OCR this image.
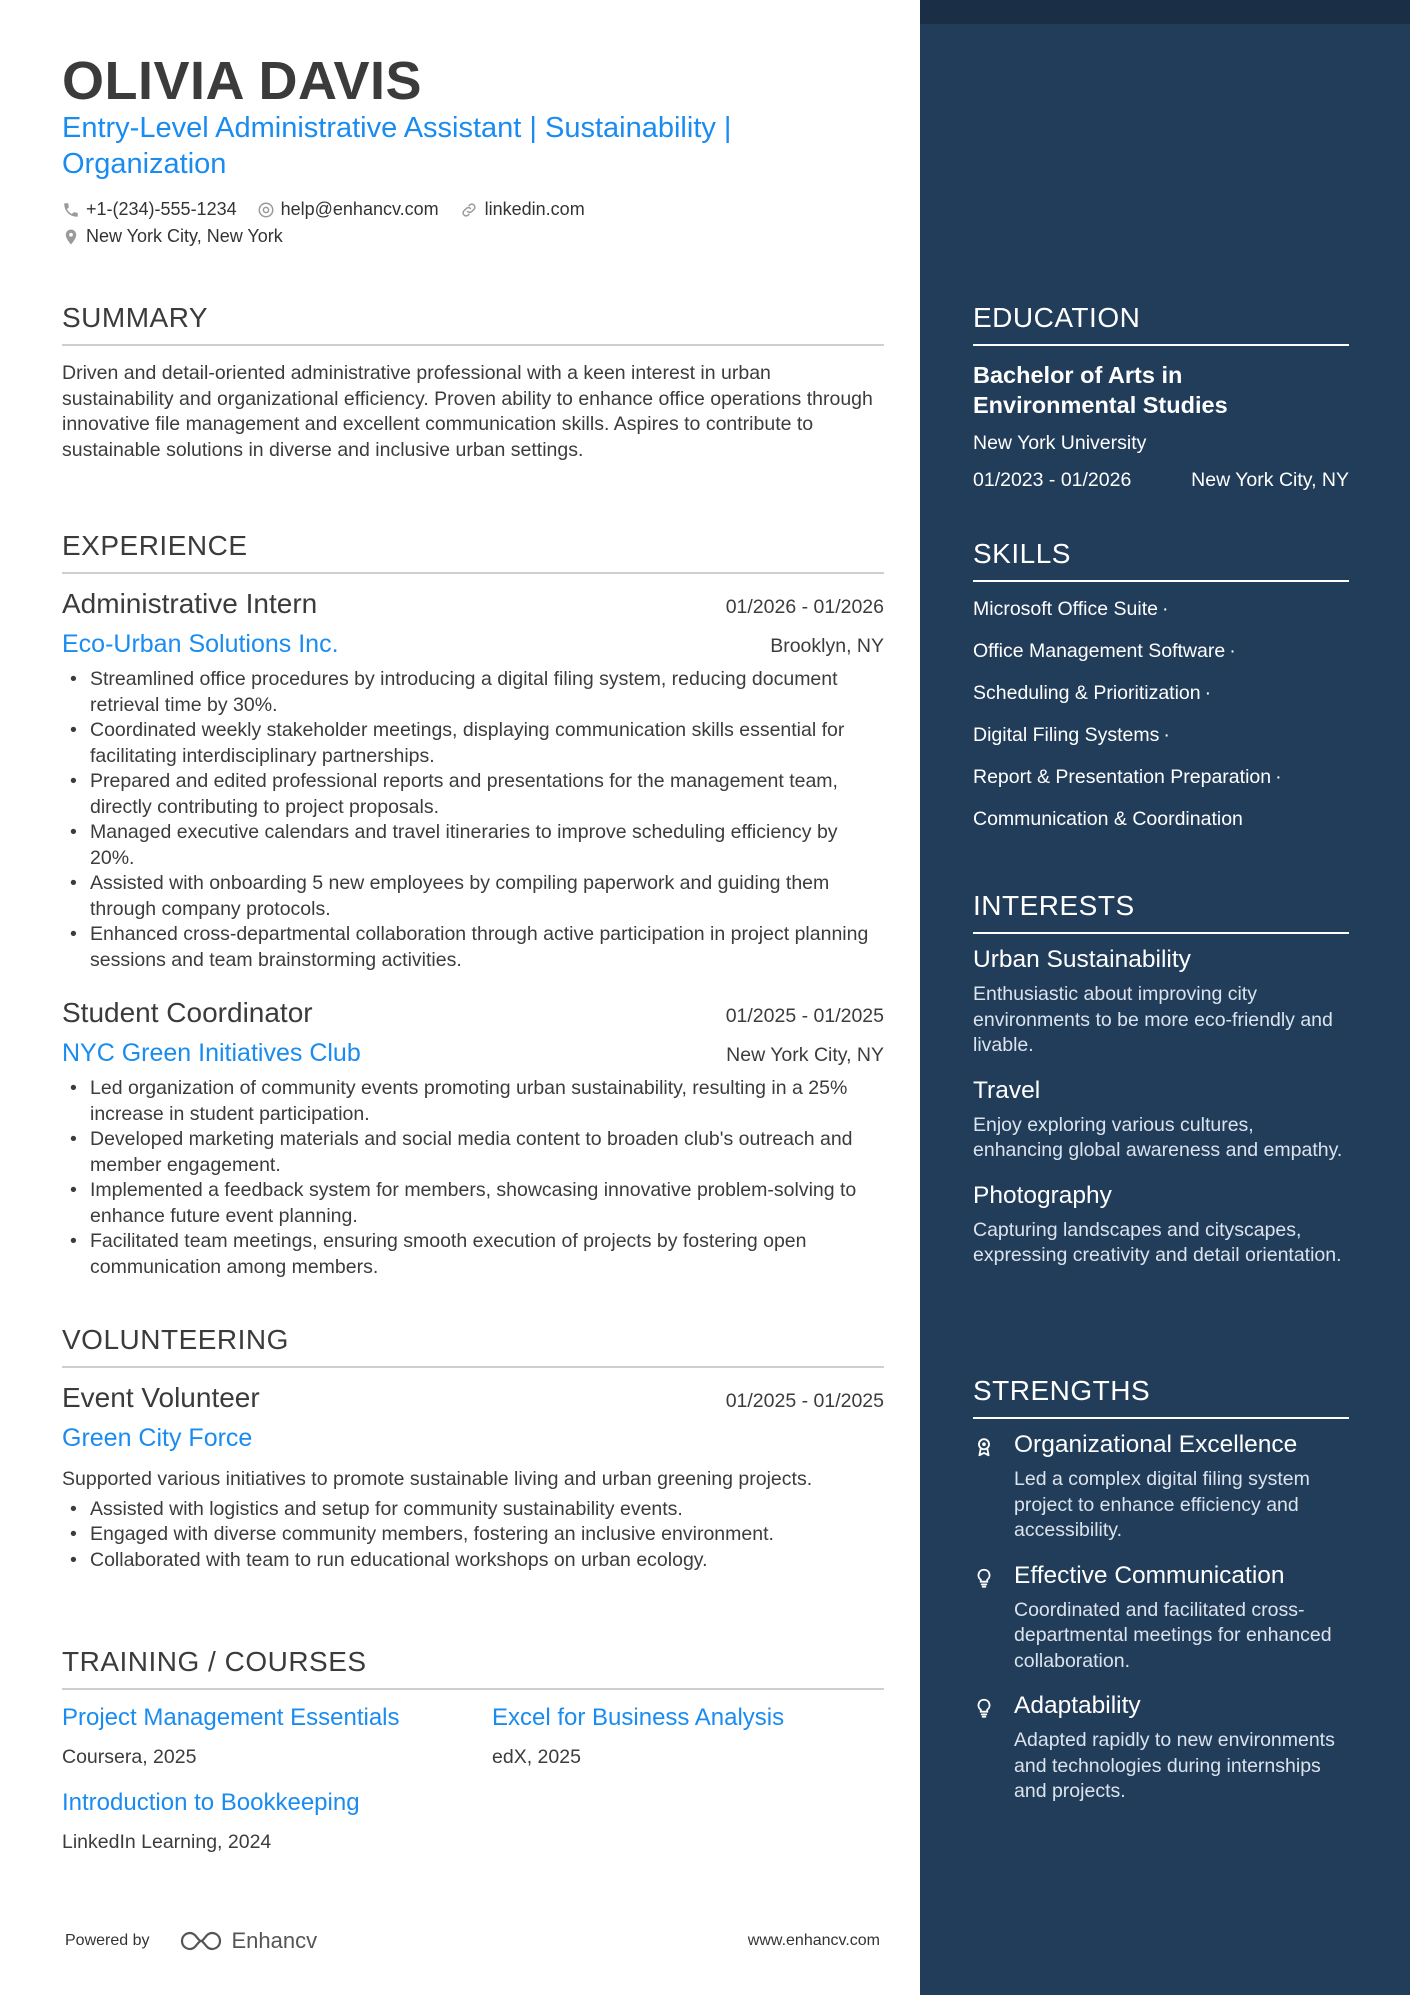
OLIVIA DAVIS
Entry-Level Administrative Assistant | Sustainability | Organization
+1-(234)-555-1234 help@enhancv.com	linkedin.com
New York City, New York
SUMMARY
Driven and detail-oriented administrative professional with a keen interest in urban sustainability and organizational efficiency. Proven ability to enhance office operations through innovative file management and excellent communication skills. Aspires to contribute to sustainable solutions in diverse and inclusive urban settings.
EXPERIENCE
Administrative Intern	01/2026 - 01/2026
Eco-Urban Solutions Inc.	Brooklyn, NY
• Streamlined office procedures by introducing a digital filing system, reducing document retrieval time by 30%.
• Coordinated weekly stakeholder meetings, displaying communication skills essential for facilitating interdisciplinary partnerships.
• Prepared and edited professional reports and presentations for the management team, directly contributing to project proposals.
• Managed executive calendars and travel itineraries to improve scheduling efficiency by 20%.
• Assisted with onboarding 5 new employees by compiling paperwork and guiding them through company protocols.
• Enhanced cross-departmental collaboration through active participation in project planning sessions and team brainstorming activities.
Student Coordinator	01/2025 - 01/2025
NYC Green Initiatives Club	New York City, NY
• Led organization of community events promoting urban sustainability, resulting in a 25% increase in student participation.
• Developed marketing materials and social media content to broaden club's outreach and member engagement.
• Implemented a feedback system for members, showcasing innovative problem-solving to enhance future event planning.
• Facilitated team meetings, ensuring smooth execution of projects by fostering open communication among members.
VOLUNTEERING
Event Volunteer	01/2025 - 01/2025
Green City Force
Supported various initiatives to promote sustainable living and urban greening projects.
• Assisted with logistics and setup for community sustainability events.
• Engaged with diverse community members, fostering an inclusive environment.
• Collaborated with team to run educational workshops on urban ecology.
TRAINING / COURSES
Project Management Essentials
Coursera, 2025
Excel for Business Analysis
edX, 2025
Introduction to Bookkeeping
LinkedIn Learning, 2024
Powered by	Enhancv	www.enhancv.com
EDUCATION
Bachelor of Arts in Environmental Studies
New York University
01/2023 - 01/2026	New York City, NY
SKILLS
Microsoft Office Suite ·
Office Management Software ·
Scheduling & Prioritization ·
Digital Filing Systems ·
Report & Presentation Preparation ·
Communication & Coordination
INTERESTS
Urban Sustainability
Enthusiastic about improving city environments to be more eco-friendly and livable.
Travel
Enjoy exploring various cultures, enhancing global awareness and empathy.
Photography
Capturing landscapes and cityscapes, expressing creativity and detail orientation.
STRENGTHS
Organizational Excellence
Led a complex digital filing system project to enhance efficiency and accessibility.
Effective Communication
Coordinated and facilitated cross-departmental meetings for enhanced collaboration.
Adaptability
Adapted rapidly to new environments and technologies during internships and projects.
